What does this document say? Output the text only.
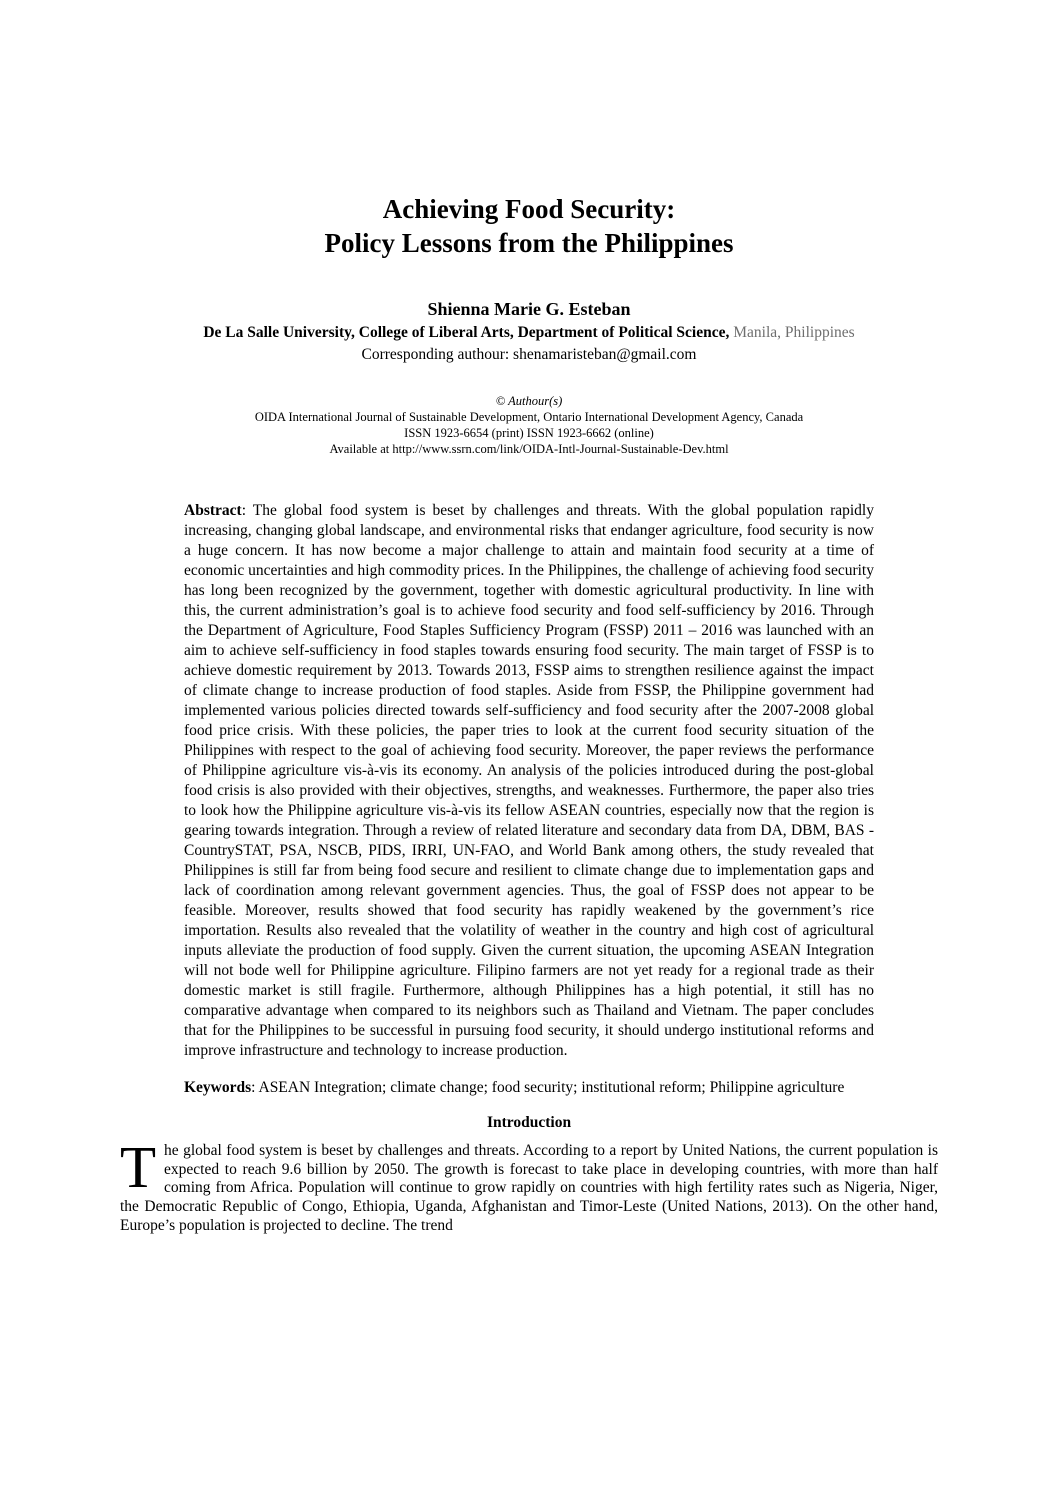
Achieving Food Security:
Policy Lessons from the Philippines
Shienna Marie G. Esteban
De La Salle University, College of Liberal Arts, Department of Political Science, Manila, Philippines
Corresponding authour: shenamaristeban@gmail.com
© Authour(s)
OIDA International Journal of Sustainable Development, Ontario International Development Agency, Canada
ISSN 1923-6654 (print) ISSN 1923-6662 (online)
Available at http://www.ssrn.com/link/OIDA-Intl-Journal-Sustainable-Dev.html
Abstract: The global food system is beset by challenges and threats. With the global population rapidly increasing, changing global landscape, and environmental risks that endanger agriculture, food security is now a huge concern. It has now become a major challenge to attain and maintain food security at a time of economic uncertainties and high commodity prices. In the Philippines, the challenge of achieving food security has long been recognized by the government, together with domestic agricultural productivity. In line with this, the current administration’s goal is to achieve food security and food self-sufficiency by 2016. Through the Department of Agriculture, Food Staples Sufficiency Program (FSSP) 2011 – 2016 was launched with an aim to achieve self-sufficiency in food staples towards ensuring food security. The main target of FSSP is to achieve domestic requirement by 2013. Towards 2013, FSSP aims to strengthen resilience against the impact of climate change to increase production of food staples. Aside from FSSP, the Philippine government had implemented various policies directed towards self-sufficiency and food security after the 2007-2008 global food price crisis. With these policies, the paper tries to look at the current food security situation of the Philippines with respect to the goal of achieving food security. Moreover, the paper reviews the performance of Philippine agriculture vis-à-vis its economy. An analysis of the policies introduced during the post-global food crisis is also provided with their objectives, strengths, and weaknesses. Furthermore, the paper also tries to look how the Philippine agriculture vis-à-vis its fellow ASEAN countries, especially now that the region is gearing towards integration. Through a review of related literature and secondary data from DA, DBM, BAS - CountrySTAT, PSA, NSCB, PIDS, IRRI, UN-FAO, and World Bank among others, the study revealed that Philippines is still far from being food secure and resilient to climate change due to implementation gaps and lack of coordination among relevant government agencies. Thus, the goal of FSSP does not appear to be feasible. Moreover, results showed that food security has rapidly weakened by the government’s rice importation. Results also revealed that the volatility of weather in the country and high cost of agricultural inputs alleviate the production of food supply. Given the current situation, the upcoming ASEAN Integration will not bode well for Philippine agriculture. Filipino farmers are not yet ready for a regional trade as their domestic market is still fragile. Furthermore, although Philippines has a high potential, it still has no comparative advantage when compared to its neighbors such as Thailand and Vietnam. The paper concludes that for the Philippines to be successful in pursuing food security, it should undergo institutional reforms and improve infrastructure and technology to increase production.
Keywords: ASEAN Integration; climate change; food security; institutional reform; Philippine agriculture
Introduction
The global food system is beset by challenges and threats. According to a report by United Nations, the current population is expected to reach 9.6 billion by 2050. The growth is forecast to take place in developing countries, with more than half coming from Africa. Population will continue to grow rapidly on countries with high fertility rates such as Nigeria, Niger, the Democratic Republic of Congo, Ethiopia, Uganda, Afghanistan and Timor-Leste (United Nations, 2013). On the other hand, Europe’s population is projected to decline. The trend
